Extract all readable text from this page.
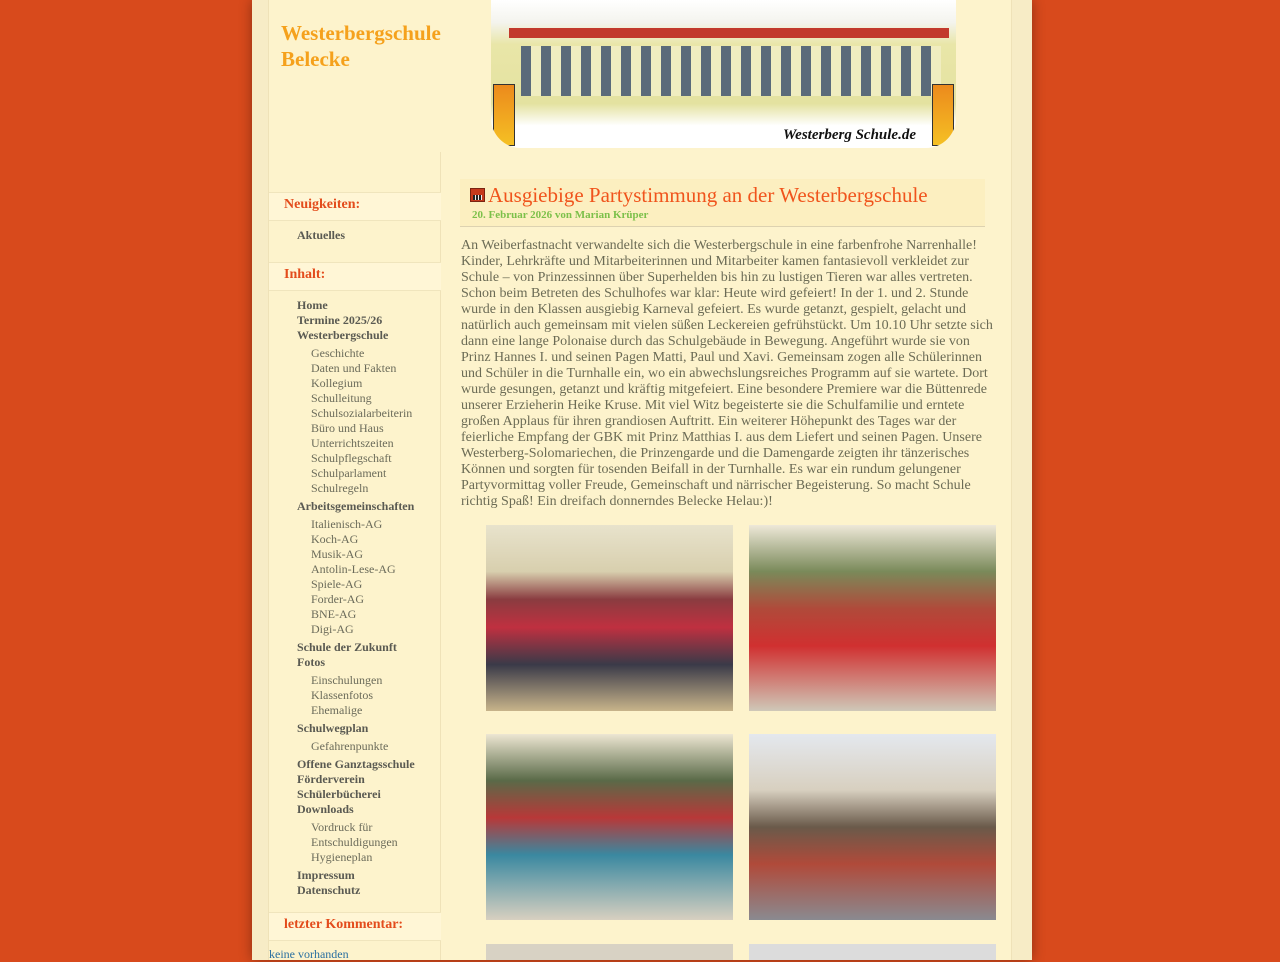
Westerbergschule
Belecke
Westerberg Schule.de
Neuigkeiten:
Aktuelles
Inhalt:
Home
Termine 2025/26
Westerbergschule
Geschichte
Daten und Fakten
Kollegium
Schulleitung
Schulsozialarbeiterin
Büro und Haus
Unterrichtszeiten
Schulpflegschaft
Schulparlament
Schulregeln
Arbeitsgemeinschaften
Italienisch-AG
Koch-AG
Musik-AG
Antolin-Lese-AG
Spiele-AG
Forder-AG
BNE-AG
Digi-AG
Schule der Zukunft
Fotos
Einschulungen
Klassenfotos
Ehemalige
Schulwegplan
Gefahrenpunkte
Offene Ganztagsschule
Förderverein
Schülerbücherei
Downloads
Vordruck für
Entschuldigungen
Hygieneplan
Impressum
Datenschutz
letzter Kommentar:
keine vorhanden
Ausgiebige Partystimmung an der Westerbergschule
20. Februar 2026 von Marian Krüper
An Weiberfastnacht verwandelte sich die Westerbergschule in eine farbenfrohe Narrenhalle! Kinder, Lehrkräfte und Mitarbeiterinnen und Mitarbeiter kamen fantasievoll verkleidet zur Schule – von Prinzessinnen über Superhelden bis hin zu lustigen Tieren war alles vertreten. Schon beim Betreten des Schulhofes war klar: Heute wird gefeiert! In der 1. und 2. Stunde wurde in den Klassen ausgiebig Karneval gefeiert. Es wurde getanzt, gespielt, gelacht und natürlich auch gemeinsam mit vielen süßen Leckereien gefrühstückt. Um 10.10 Uhr setzte sich dann eine lange Polonaise durch das Schulgebäude in Bewegung. Angeführt wurde sie von Prinz Hannes I. und seinen Pagen Matti, Paul und Xavi. Gemeinsam zogen alle Schülerinnen und Schüler in die Turnhalle ein, wo ein abwechslungsreiches Programm auf sie wartete. Dort wurde gesungen, getanzt und kräftig mitgefeiert. Eine besondere Premiere war die Büttenrede unserer Erzieherin Heike Kruse. Mit viel Witz begeisterte sie die Schulfamilie und erntete großen Applaus für ihren grandiosen Auftritt. Ein weiterer Höhepunkt des Tages war der feierliche Empfang der GBK mit Prinz Matthias I. aus dem Liefert und seinen Pagen. Unsere Westerberg-Solomariechen, die Prinzengarde und die Damengarde zeigten ihr tänzerisches Können und sorgten für tosenden Beifall in der Turnhalle. Es war ein rundum gelungener Partyvormittag voller Freude, Gemeinschaft und närrischer Begeisterung. So macht Schule richtig Spaß! Ein dreifach donnerndes Belecke Helau:)!
